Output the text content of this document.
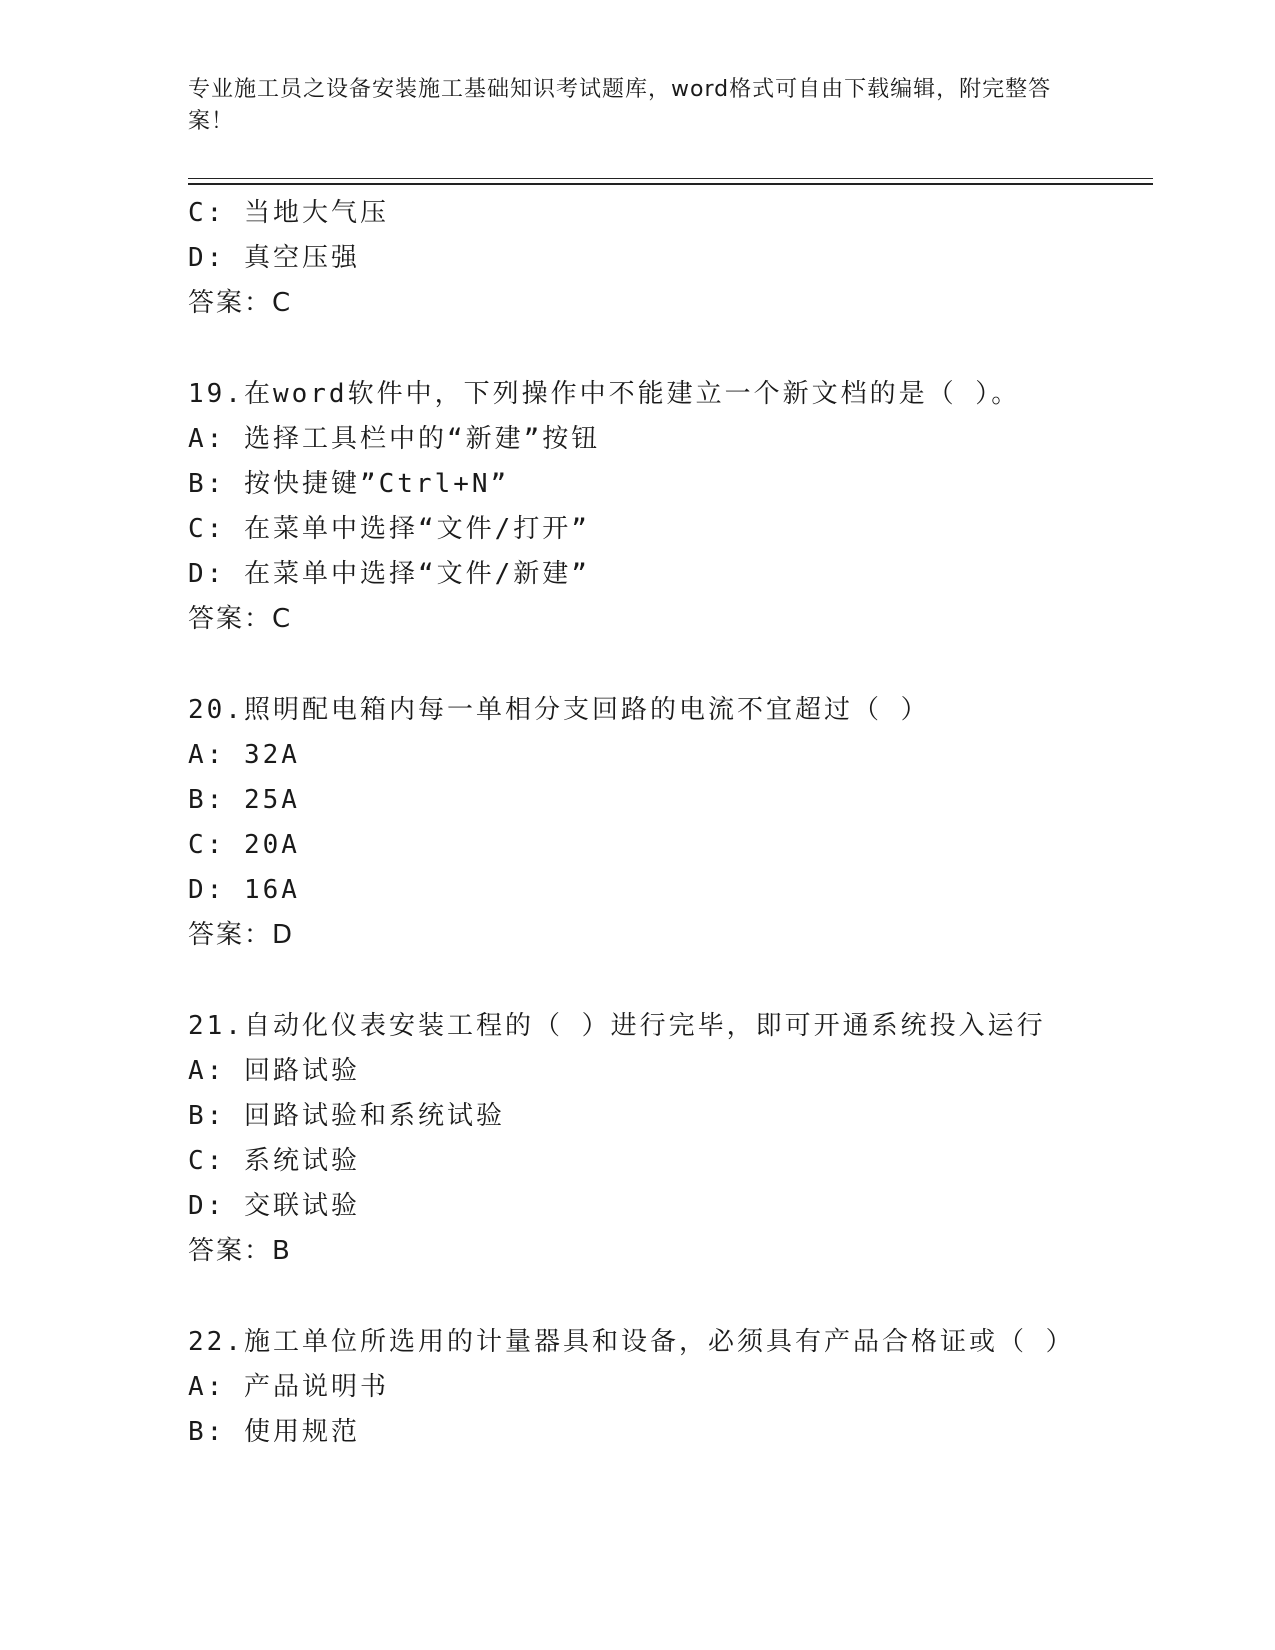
专业施工员之设备安装施工基础知识考试题库，word格式可自由下载编辑，附完整答案！
C: 当地大气压
D: 真空压强
答案：C
19.在word软件中，下列操作中不能建立一个新文档的是（ ）。
A: 选择工具栏中的“新建”按钮
B: 按快捷键”Ctrl+N”
C: 在菜单中选择“文件/打开”
D: 在菜单中选择“文件/新建”
答案：C
20.照明配电箱内每一单相分支回路的电流不宜超过（ ）
A: 32A
B: 25A
C: 20A
D: 16A
答案：D
21.自动化仪表安装工程的（ ）进行完毕，即可开通系统投入运行
A: 回路试验
B: 回路试验和系统试验
C: 系统试验
D: 交联试验
答案：B
22.施工单位所选用的计量器具和设备，必须具有产品合格证或（ ）
A: 产品说明书
B: 使用规范
